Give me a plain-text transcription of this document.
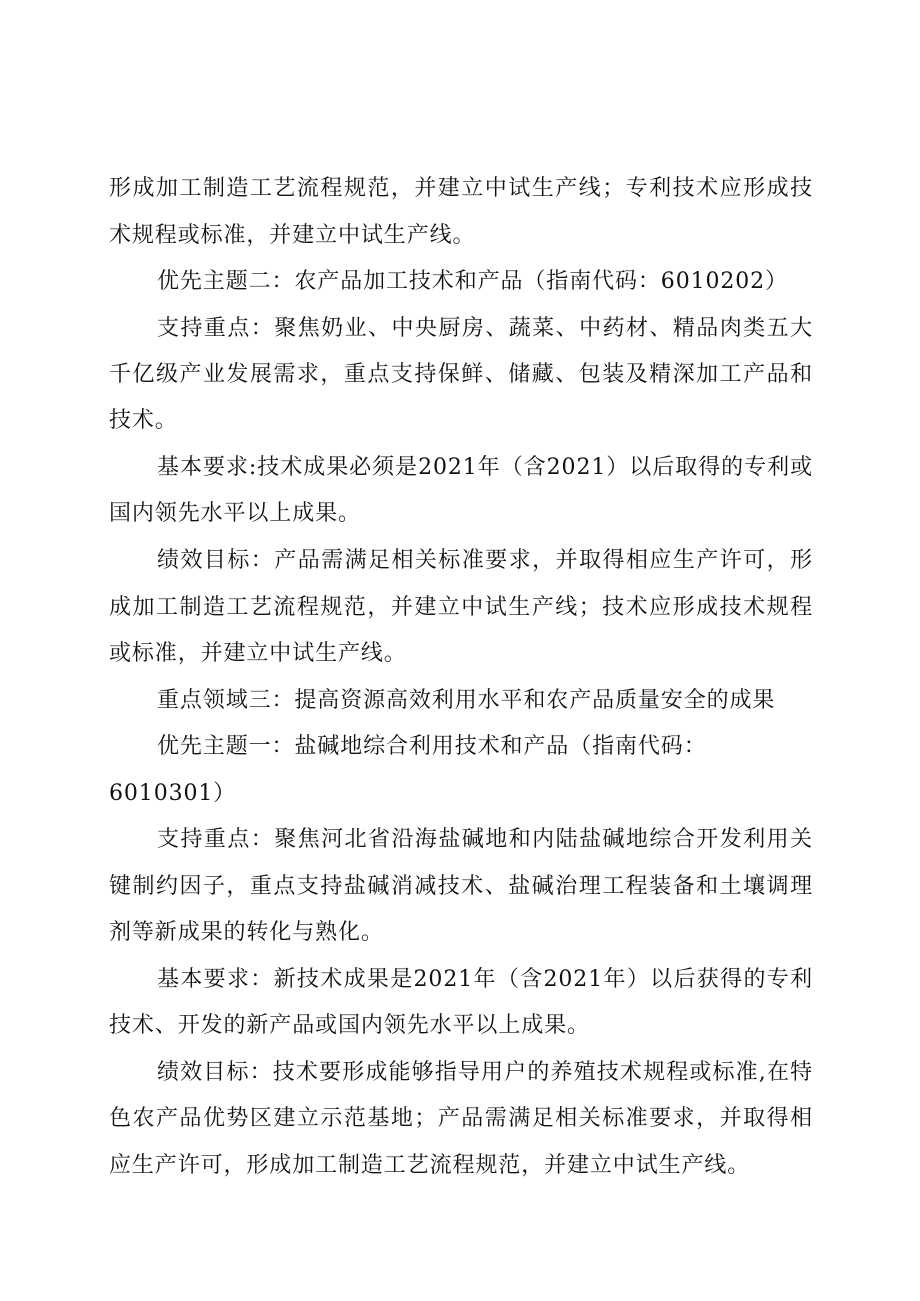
形成加工制造工艺流程规范，并建立中试生产线；专利技术应形成技

术规程或标准，并建立中试生产线。

优先主题二：农产品加工技术和产品（指南代码：6010202）

支持重点：聚焦奶业、中央厨房、蔬菜、中药材、精品肉类五大

千亿级产业发展需求，重点支持保鲜、储藏、包装及精深加工产品和

技术。

基本要求:技术成果必须是2021年（含2021）以后取得的专利或

国内领先水平以上成果。

绩效目标：产品需满足相关标准要求，并取得相应生产许可，形

成加工制造工艺流程规范，并建立中试生产线；技术应形成技术规程

或标准，并建立中试生产线。

重点领域三：提高资源高效利用水平和农产品质量安全的成果

优先主题一：盐碱地综合利用技术和产品（指南代码：

6010301）

支持重点：聚焦河北省沿海盐碱地和内陆盐碱地综合开发利用关

键制约因子，重点支持盐碱消减技术、盐碱治理工程装备和土壤调理

剂等新成果的转化与熟化。

基本要求：新技术成果是2021年（含2021年）以后获得的专利

技术、开发的新产品或国内领先水平以上成果。

绩效目标：技术要形成能够指导用户的养殖技术规程或标准,在特

色农产品优势区建立示范基地；产品需满足相关标准要求，并取得相

应生产许可，形成加工制造工艺流程规范，并建立中试生产线。
